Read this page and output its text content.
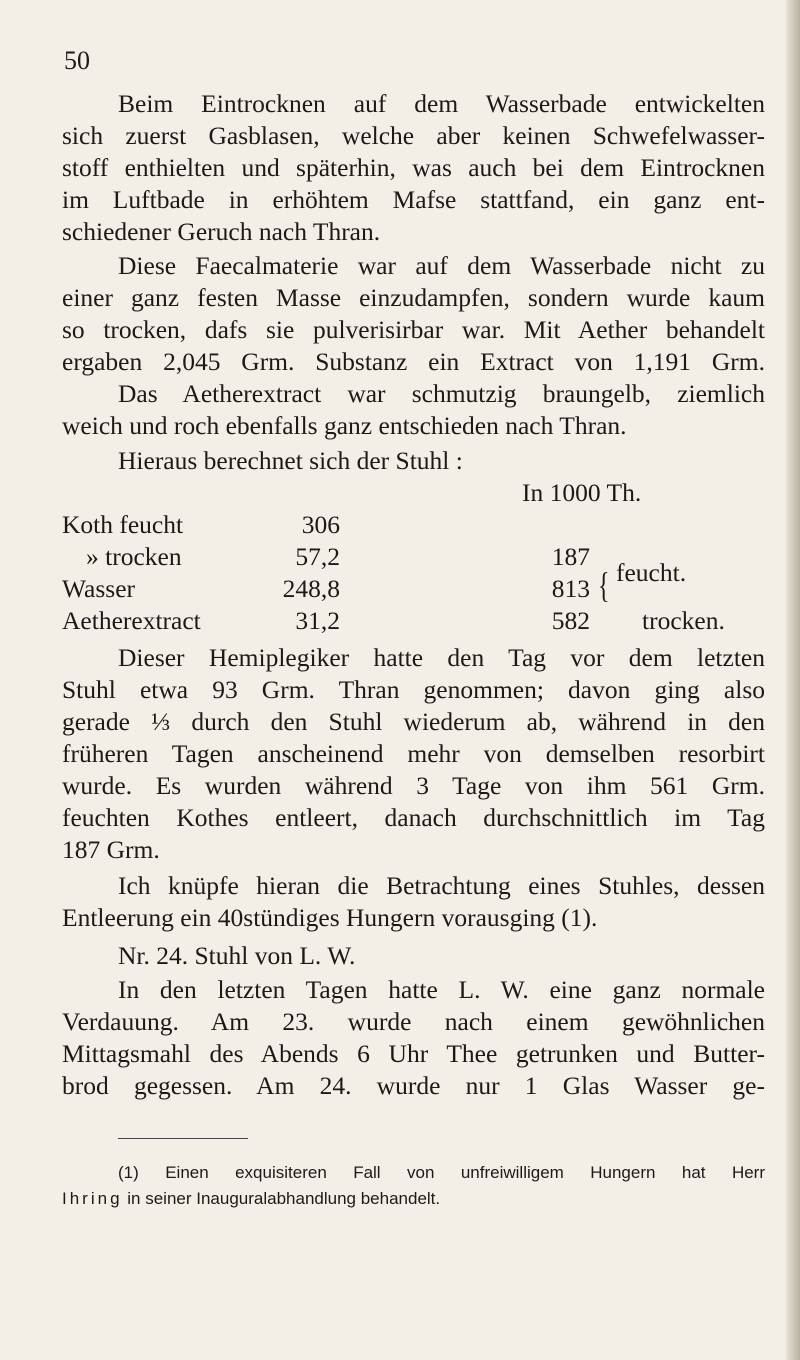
50
Beim Eintrocknen auf dem Wasserbade entwickelten
sich zuerst Gasblasen, welche aber keinen Schwefelwasser-
stoff enthielten und späterhin, was auch bei dem Eintrocknen
im Luftbade in erhöhtem Mafse stattfand, ein ganz ent-
schiedener Geruch nach Thran.
Diese Faecalmaterie war auf dem Wasserbade nicht zu
einer ganz festen Masse einzudampfen, sondern wurde kaum
so trocken, dafs sie pulverisirbar war. Mit Aether behandelt
ergaben 2,045 Grm. Substanz ein Extract von 1,191 Grm.
Das Aetherextract war schmutzig braungelb, ziemlich
weich und roch ebenfalls ganz entschieden nach Thran.
Hieraus berechnet sich der Stuhl :
In 1000 Th.
Koth feucht	306
» trocken	57,2	187
Wasser	248,8	813 { feucht.
Aetherextract	31,2	582 trocken.
Dieser Hemiplegiker hatte den Tag vor dem letzten
Stuhl etwa 93 Grm. Thran genommen; davon ging also
gerade ⅓ durch den Stuhl wiederum ab, während in den
früheren Tagen anscheinend mehr von demselben resorbirt
wurde. Es wurden während 3 Tage von ihm 561 Grm.
feuchten Kothes entleert, danach durchschnittlich im Tag
187 Grm.
Ich knüpfe hieran die Betrachtung eines Stuhles, dessen
Entleerung ein 40stündiges Hungern vorausging (1).
Nr. 24. Stuhl von L. W.
In den letzten Tagen hatte L. W. eine ganz normale
Verdauung. Am 23. wurde nach einem gewöhnlichen
Mittagsmahl des Abends 6 Uhr Thee getrunken und Butter-
brod gegessen. Am 24. wurde nur 1 Glas Wasser ge-
(1) Einen exquisiteren Fall von unfreiwilligem Hungern hat Herr
Ihring in seiner Inauguralabhandlung behandelt.
